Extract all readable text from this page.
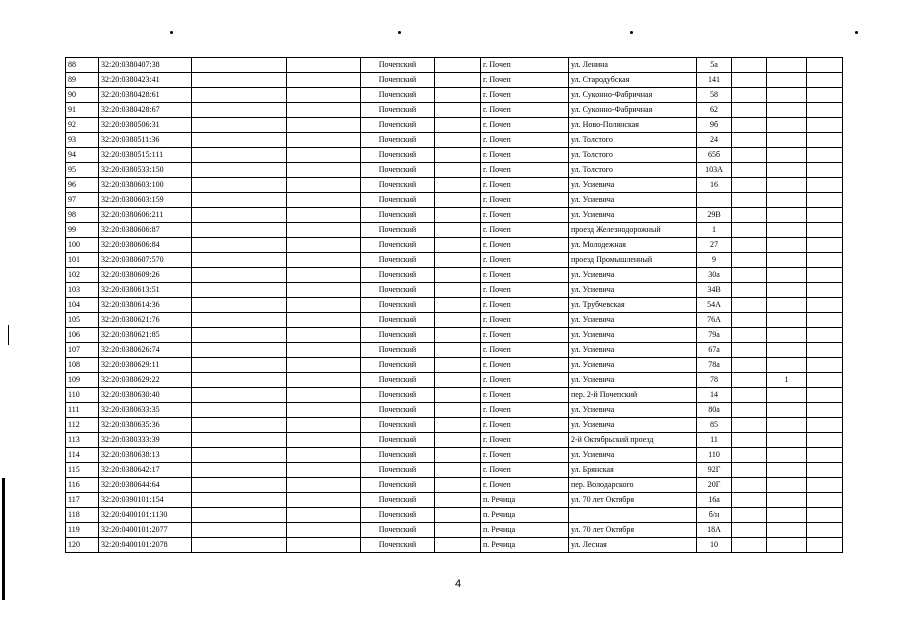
88	32:20:0380407:38			Почепский		г. Почеп	ул. Ленина	5а			
89	32:20:0380423:41			Почепский		г. Почеп	ул. Стародубская	141			
90	32:20:0380428:61			Почепский		г. Почеп	ул. Суконно-Фабричная	58			
91	32:20:0380428:67			Почепский		г. Почеп	ул. Суконно-Фабричная	62			
92	32:20:0380506:31			Почепский		г. Почеп	ул. Ново-Полянская	9б			
93	32:20:0380511:36			Почепский		г. Почеп	ул. Толстого	24			
94	32:20:0380515:111			Почепский		г. Почеп	ул. Толстого	65б			
95	32:20:0380533:150			Почепский		г. Почеп	ул. Толстого	103А			
96	32:20:0380603:100			Почепский		г. Почеп	ул. Усиевича	16			
97	32:20:0380603:159			Почепский		г. Почеп	ул. Усиевича				
98	32:20:0380606:211			Почепский		г. Почеп	ул. Усиевича	29В			
99	32:20:0380606:87			Почепский		г. Почеп	проезд Железнодорожный	1			
100	32:20:0380606:84			Почепский		г. Почеп	ул. Молодежная	27			
101	32:20:0380607:570			Почепский		г. Почеп	проезд Промышленный	9			
102	32:20:0380609:26			Почепский		г. Почеп	ул. Усиевича	30а			
103	32:20:0380613:51			Почепский		г. Почеп	ул. Усиевича	34В			
104	32:20:0380614:36			Почепский		г. Почеп	ул. Трубчевская	54А			
105	32:20:0380621:76			Почепский		г. Почеп	ул. Усиевича	76А			
106	32:20:0380621:85			Почепский		г. Почеп	ул. Усиевича	79а			
107	32:20:0380626:74			Почепский		г. Почеп	ул. Усиевича	67а			
108	32:20:0380629:11			Почепский		г. Почеп	ул. Усиевича	78а			
109	32:20:0380629:22			Почепский		г. Почеп	ул. Усиевича	78		1	
110	32:20:0380630:40			Почепский		г. Почеп	пер. 2-й Почепский	14			
111	32:20:0380633:35			Почепский		г. Почеп	ул. Усиевича	80а			
112	32:20:0380635:36			Почепский		г. Почеп	ул. Усиевича	85			
113	32:20:0380333:39			Почепский		г. Почеп	2-й Октябрьский проезд	11			
114	32:20:0380638:13			Почепский		г. Почеп	ул. Усиевича	110			
115	32:20:0380642:17			Почепский		г. Почеп	ул. Брянская	92Г			
116	32:20:0380644:64			Почепский		г. Почеп	пер. Володарского	20Г			
117	32:20:0390101:154			Почепский		п. Речица	ул. 70 лет Октября	16а			
118	32:20:0400101:1130			Почепский		п. Речица		б/н			
119	32:20:0400101:2077			Почепский		п. Речица	ул. 70 лет Октября	18А			
120	32:20:0400101:2078			Почепский		п. Речица	ул. Лесная	10			
4
